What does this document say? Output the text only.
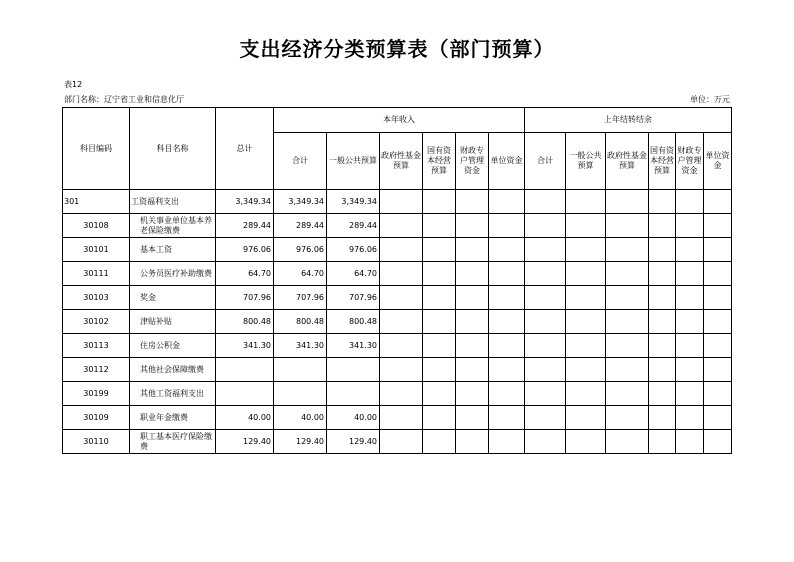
支出经济分类预算表（部门预算）
表12
部门名称：辽宁省工业和信息化厅	单位：万元
科目编码	科目名称	总计	本年收入						上年结转结余					
			合计	一般公共预算	政府性基金预算	国有资本经营预算	财政专户管理资金	单位资金	合计	一般公共预算	政府性基金预算	国有资本经营预算	财政专户管理资金	单位资金
301	工资福利支出	3,349.34	3,349.34	3,349.34										
30108	机关事业单位基本养老保险缴费	289.44	289.44	289.44										
30101	基本工资	976.06	976.06	976.06										
30111	公务员医疗补助缴费	64.70	64.70	64.70										
30103	奖金	707.96	707.96	707.96										
30102	津贴补贴	800.48	800.48	800.48										
30113	住房公积金	341.30	341.30	341.30										
30112	其他社会保障缴费													
30199	其他工资福利支出													
30109	职业年金缴费	40.00	40.00	40.00										
30110	职工基本医疗保险缴费	129.40	129.40	129.40										
